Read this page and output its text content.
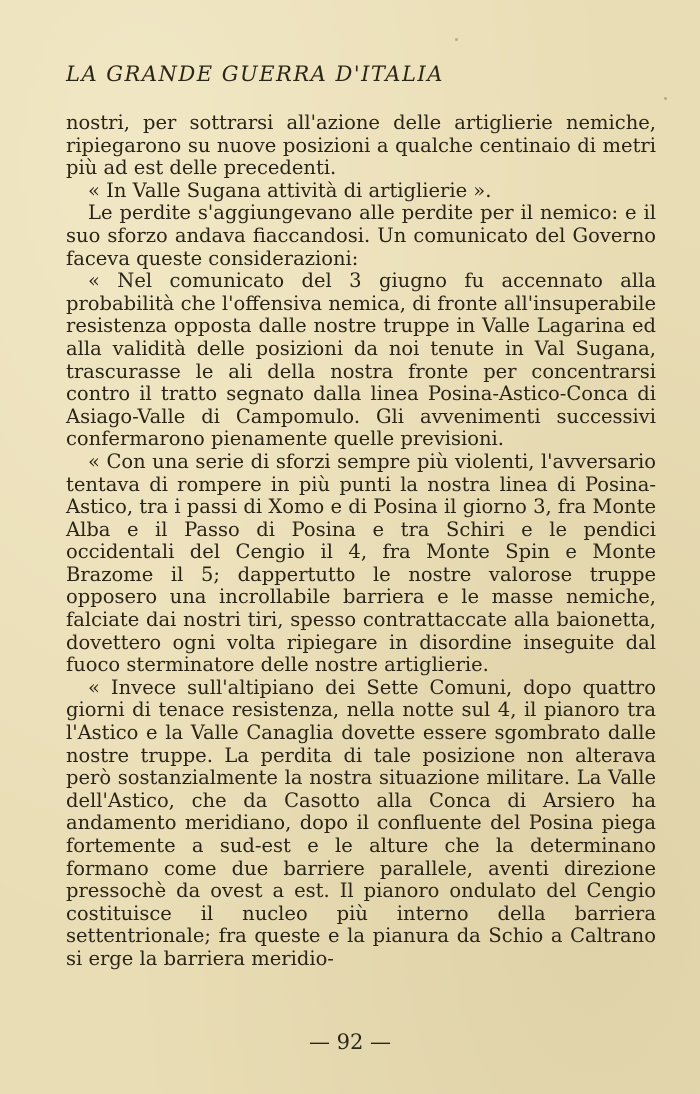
LA GRANDE GUERRA D'ITALIA

nostri, per sottrarsi all'azione delle artiglierie nemiche, ripiegarono su nuove posizioni a qualche centinaio di metri più ad est delle precedenti.

« In Valle Sugana attività di artiglierie ».

Le perdite s'aggiungevano alle perdite per il nemico: e il suo sforzo andava fiaccandosi. Un comunicato del Governo faceva queste considerazioni:

« Nel comunicato del 3 giugno fu accennato alla probabilità che l'offensiva nemica, di fronte all'insuperabile resistenza opposta dalle nostre truppe in Valle Lagarina ed alla validità delle posizioni da noi tenute in Val Sugana, trascurasse le ali della nostra fronte per concentrarsi contro il tratto segnato dalla linea Posina-Astico-Conca di Asiago-Valle di Campomulo. Gli avvenimenti successivi confermarono pienamente quelle previsioni.

« Con una serie di sforzi sempre più violenti, l'avversario tentava di rompere in più punti la nostra linea di Posina-Astico, tra i passi di Xomo e di Posina il giorno 3, fra Monte Alba e il Passo di Posina e tra Schiri e le pendici occidentali del Cengio il 4, fra Monte Spin e Monte Brazome il 5; dappertutto le nostre valorose truppe opposero una incrollabile barriera e le masse nemiche, falciate dai nostri tiri, spesso contrattaccate alla baionetta, dovettero ogni volta ripiegare in disordine inseguite dal fuoco sterminatore delle nostre artiglierie.

« Invece sull'altipiano dei Sette Comuni, dopo quattro giorni di tenace resistenza, nella notte sul 4, il pianoro tra l'Astico e la Valle Canaglia dovette essere sgombrato dalle nostre truppe. La perdita di tale posizione non alterava però sostanzialmente la nostra situazione militare. La Valle dell'Astico, che da Casotto alla Conca di Arsiero ha andamento meridiano, dopo il confluente del Posina piega fortemente a sud-est e le alture che la determinano formano come due barriere parallele, aventi direzione pressochè da ovest a est. Il pianoro ondulato del Cengio costituisce il nucleo più interno della barriera settentrionale; fra queste e la pianura da Schio a Caltrano si erge la barriera meridio-

— 92 —
